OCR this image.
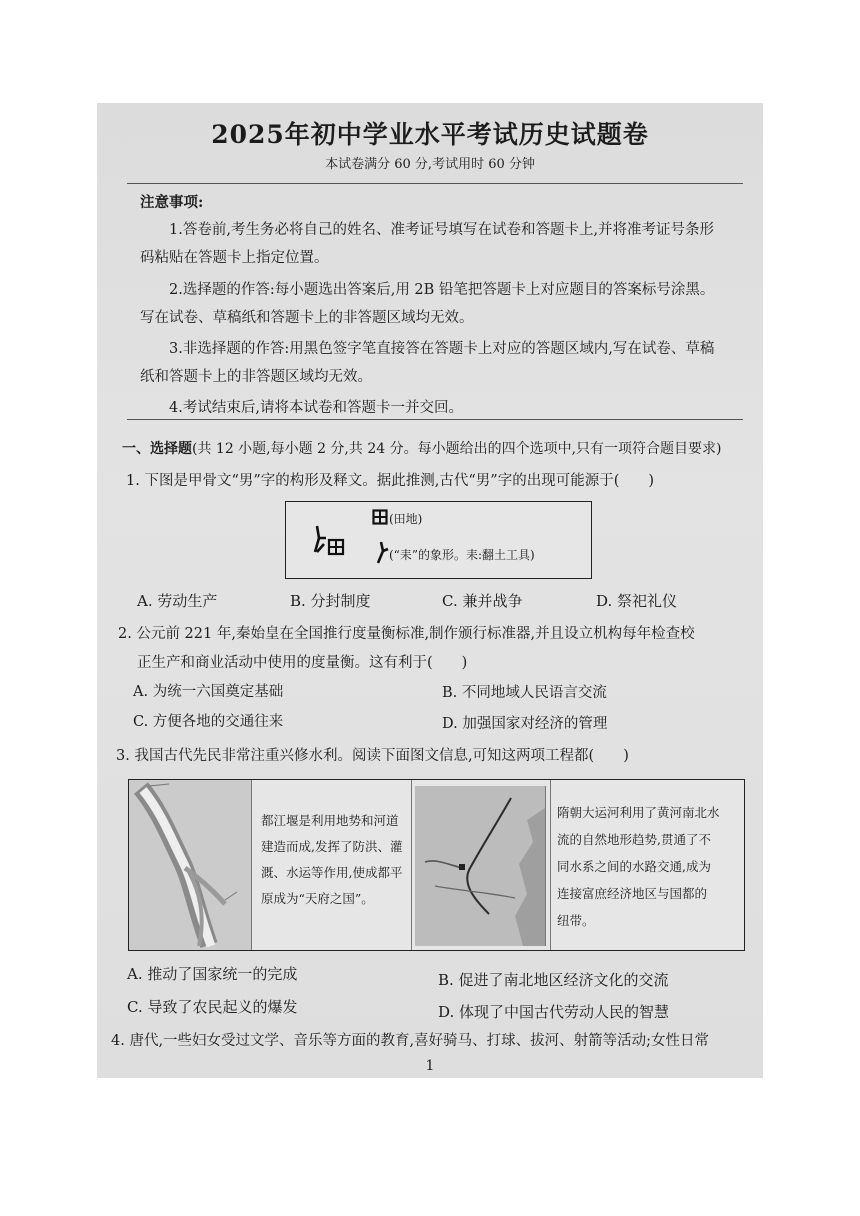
2025年初中学业水平考试历史试题卷
本试卷满分 60 分,考试用时 60 分钟
注意事项:
1.答卷前,考生务必将自己的姓名、准考证号填写在试卷和答题卡上,并将准考证号条形
码粘贴在答题卡上指定位置。
2.选择题的作答:每小题选出答案后,用 2B 铅笔把答题卡上对应题目的答案标号涂黑。
写在试卷、草稿纸和答题卡上的非答题区域均无效。
3.非选择题的作答:用黑色签字笔直接答在答题卡上对应的答题区域内,写在试卷、草稿
纸和答题卡上的非答题区域均无效。
4.考试结束后,请将本试卷和答题卡一并交回。
一、选择题(共 12 小题,每小题 2 分,共 24 分。每小题给出的四个选项中,只有一项符合题目要求)
1. 下图是甲骨文“男”字的构形及释文。据此推测,古代“男”字的出现可能源于(　　)
(田地)
(“耒”的象形。耒:翻土工具)
A. 劳动生产	B. 分封制度	C. 兼并战争	D. 祭祀礼仪
2. 公元前 221 年,秦始皇在全国推行度量衡标准,制作颁行标准器,并且设立机构每年检查校
正生产和商业活动中使用的度量衡。这有利于(　　)
A. 为统一六国奠定基础	B. 不同地域人民语言交流
C. 方便各地的交通往来	D. 加强国家对经济的管理
3. 我国古代先民非常注重兴修水利。阅读下面图文信息,可知这两项工程都(　　)
都江堰是利用地势和河道
建造而成,发挥了防洪、灌
溉、水运等作用,使成都平
原成为“天府之国”。
隋朝大运河利用了黄河南北水
流的自然地形趋势,贯通了不
同水系之间的水路交通,成为
连接富庶经济地区与国都的
纽带。
A. 推动了国家统一的完成	B. 促进了南北地区经济文化的交流
C. 导致了农民起义的爆发	D. 体现了中国古代劳动人民的智慧
4. 唐代,一些妇女受过文学、音乐等方面的教育,喜好骑马、打球、拔河、射箭等活动;女性日常
1
